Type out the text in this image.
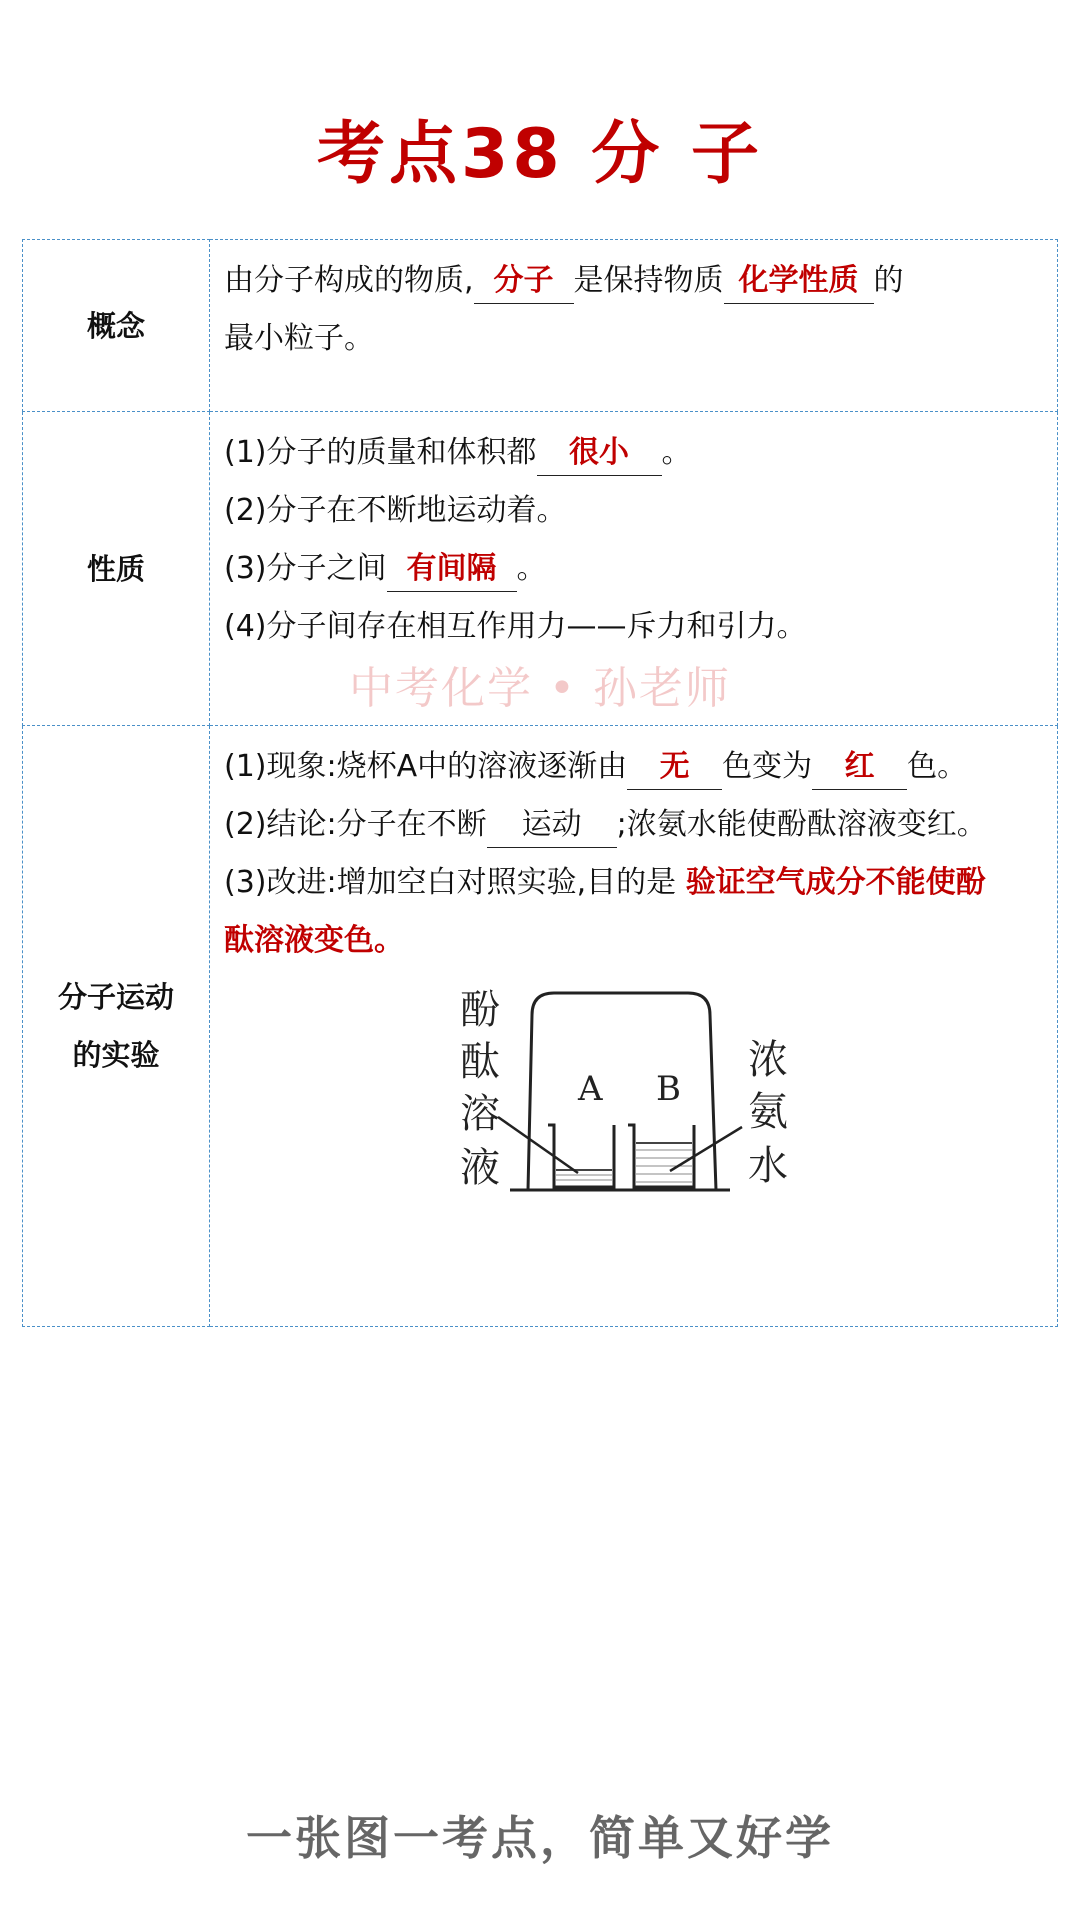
考点38 分 子
概念	由分子构成的物质, 分子 是保持物质 化学性质 的
最小粒子。
性质	(1)分子的质量和体积都 很小 。
(2)分子在不断地运动着。
(3)分子之间 有间隔 。
(4)分子间存在相互作用力——斥力和引力。
分子运动
的实验	(1)现象:烧杯A中的溶液逐渐由 无 色变为 红 色。
(2)结论:分子在不断 运动 ;浓氨水能使酚酞溶液变红。
(3)改进:增加空白对照实验,目的是 验证空气成分不能使酚
酞溶液变色。
酚
酞
溶
液
浓
氨
水
A B
中考化学 • 孙老师
一张图一考点，简单又好学
